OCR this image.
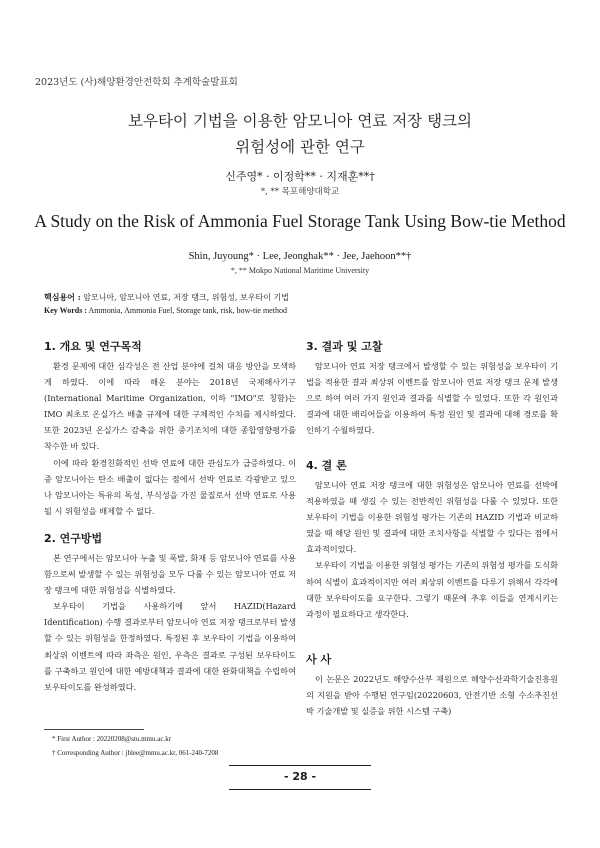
2023년도 (사)해양환경안전학회 추계학술발표회
보우타이 기법을 이용한 암모니아 연료 저장 탱크의
위험성에 관한 연구
신주영* · 이정학** · 지재훈**†
*, ** 목포해양대학교
A Study on the Risk of Ammonia Fuel Storage Tank Using Bow-tie Method
Shin, Juyoung* · Lee, Jeonghak** · Jee, Jaehoon**†
*, ** Mokpo National Maritime University
핵심용어 : 암모니아, 암모니아 연료, 저장 탱크, 위험성, 보우타이 기법
Key Words : Ammonia, Ammonia Fuel, Storage tank, risk, bow-tie method
1. 개요 및 연구목적

환경 문제에 대한 심각성은 전 산업 분야에 걸쳐 대응 방안을 모색하게 하였다. 이에 따라 해운 분야는 2018년 국제해사기구(International Maritime Organization, 이하 "IMO"로 칭함)는 IMO 최초로 온실가스 배출 규제에 대한 구체적인 수치를 제시하였다. 또한 2023년 온실가스 감축을 위한 중기조치에 대한 종합영향평가를 착수한 바 있다.

이에 따라 환경친화적인 선박 연료에 대한 관심도가 급증하였다. 이 중 암모니아는 탄소 배출이 없다는 점에서 선박 연료로 각광받고 있으나 암모니아는 특유의 독성, 부식성을 가진 물질로서 선박 연료로 사용될 시 위험성을 배제할 수 없다.

2. 연구방법

본 연구에서는 암모니아 누출 및 폭발, 화재 등 암모니아 연료를 사용함으로써 발생할 수 있는 위험성을 모두 다룰 수 있는 암모니아 연료 저장 탱크에 대한 위험성을 식별하였다.

보우타이 기법을 사용하기에 앞서 HAZID(Hazard Identification) 수행 결과로부터 암모니아 연료 저장 탱크로부터 발생할 수 있는 위험성을 한정하였다. 특정된 후 보우타이 기법을 이용하여 최상위 이벤트에 따라 좌측은 원인, 우측은 결과로 구성된 보우타이도를 구축하고 원인에 대한 예방대책과 결과에 대한 완화대책을 수립하여 보우타이도를 완성하였다.

3. 결과 및 고찰

암모니아 연료 저장 탱크에서 발생할 수 있는 위험성을 보우타이 기법을 적용한 결과 최상위 이벤트를 암모니아 연료 저장 탱크 문제 발생으로 하여 여러 가지 원인과 결과를 식별할 수 있었다. 또한 각 원인과 결과에 대한 배리어들을 이용하여 특정 원인 및 결과에 대해 경로를 확인하기 수월하였다.

4. 결 론

암모니아 연료 저장 탱크에 대한 위험성은 암모니아 연료를 선박에 적용하였을 때 생길 수 있는 전반적인 위험성을 다룰 수 있었다. 또한 보우타이 기법을 이용한 위험성 평가는 기존의 HAZID 기법과 비교하였을 때 해당 원인 및 결과에 대한 조치사항을 식별할 수 있다는 점에서 효과적이었다.

보우타이 기법을 이용한 위험성 평가는 기존의 위험성 평가를 도식화하여 식별이 효과적이지만 여러 최상위 이벤트를 다루기 위해서 각각에 대한 보우타이도를 요구한다. 그렇기 때문에 추후 이들을 연계시키는 과정이 필요하다고 생각한다.

사 사

이 논문은 2022년도 해양수산부 재원으로 해양수산과학기술진흥원의 지원을 받아 수행된 연구임(20220603, 안전기반 소형 수소추진선박 기술개발 및 실증을 위한 시스템 구축)

* First Author : 20220208@stu.mmu.ac.kr
† Corresponding Author : jhlee@mmu.ac.kr, 061-240-7208
- 28 -
